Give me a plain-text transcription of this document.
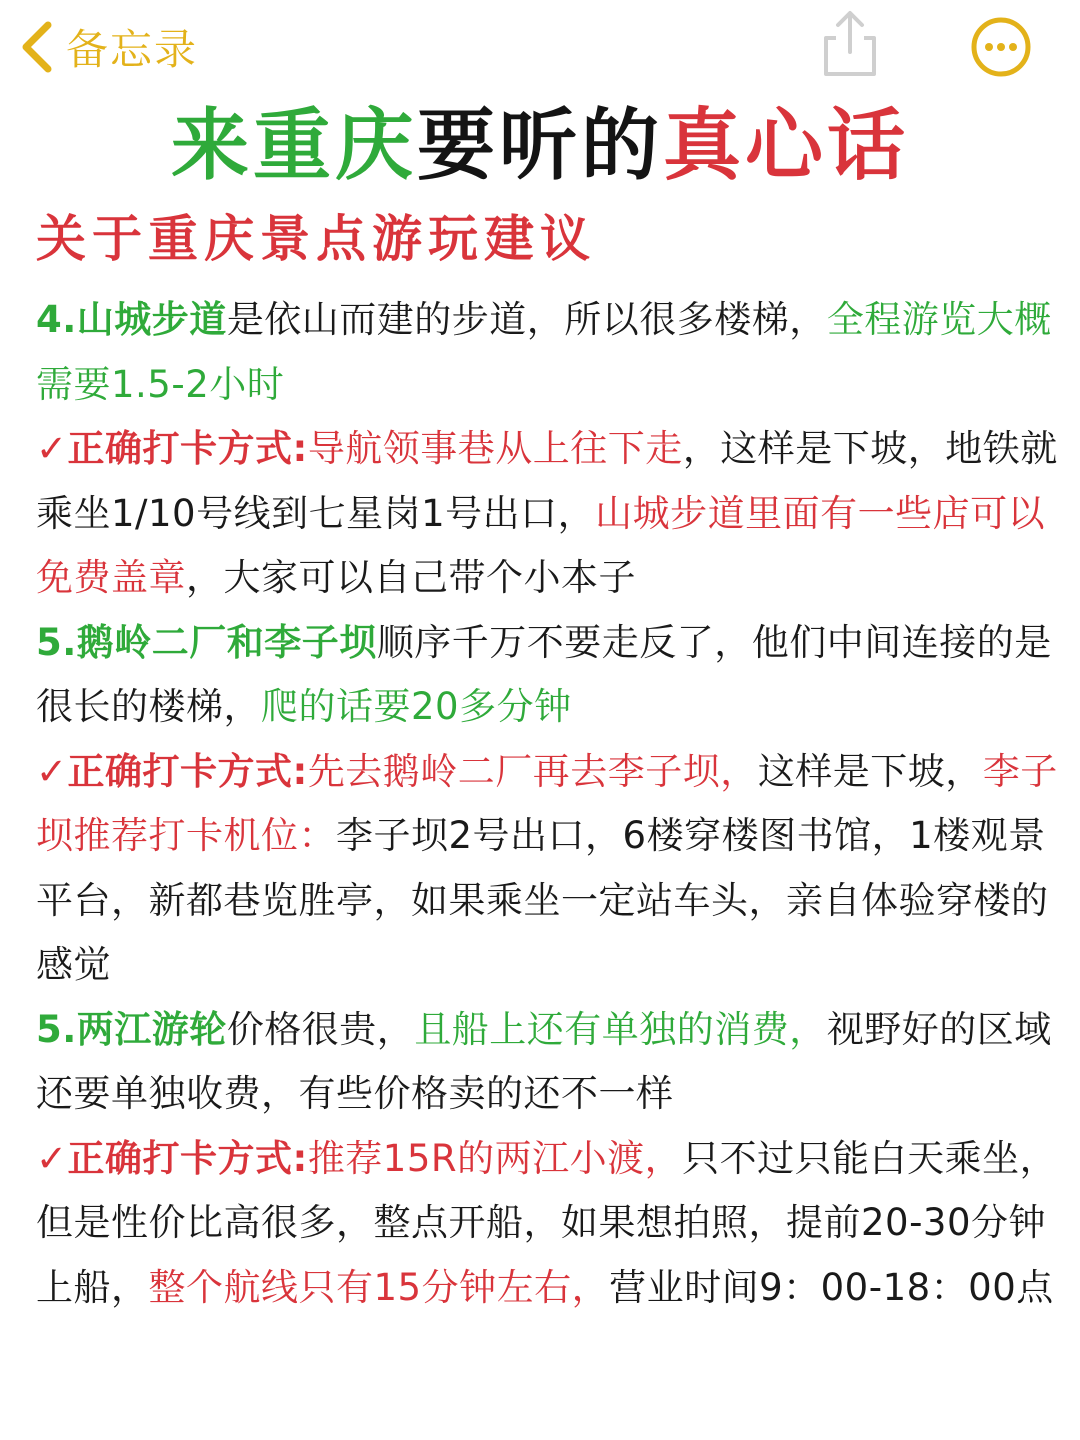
备忘录
来重庆要听的真心话
关于重庆景点游玩建议

4.山城步道是依山而建的步道，所以很多楼梯，全程游览大概需要1.5-2小时

✓正确打卡方式:导航领事巷从上往下走，这样是下坡，地铁就乘坐1/10号线到七星岗1号出口，山城步道里面有一些店可以免费盖章，大家可以自己带个小本子

5.鹅岭二厂和李子坝顺序千万不要走反了，他们中间连接的是很长的楼梯，爬的话要20多分钟

✓正确打卡方式:先去鹅岭二厂再去李子坝，这样是下坡，李子坝推荐打卡机位：李子坝2号出口，6楼穿楼图书馆，1楼观景平台，新都巷览胜亭，如果乘坐一定站车头，亲自体验穿楼的感觉

5.两江游轮价格很贵，且船上还有单独的消费，视野好的区域还要单独收费，有些价格卖的还不一样

✓正确打卡方式:推荐15R的两江小渡，只不过只能白天乘坐，但是性价比高很多，整点开船，如果想拍照，提前20-30分钟上船，整个航线只有15分钟左右，营业时间9：00-18：00点
